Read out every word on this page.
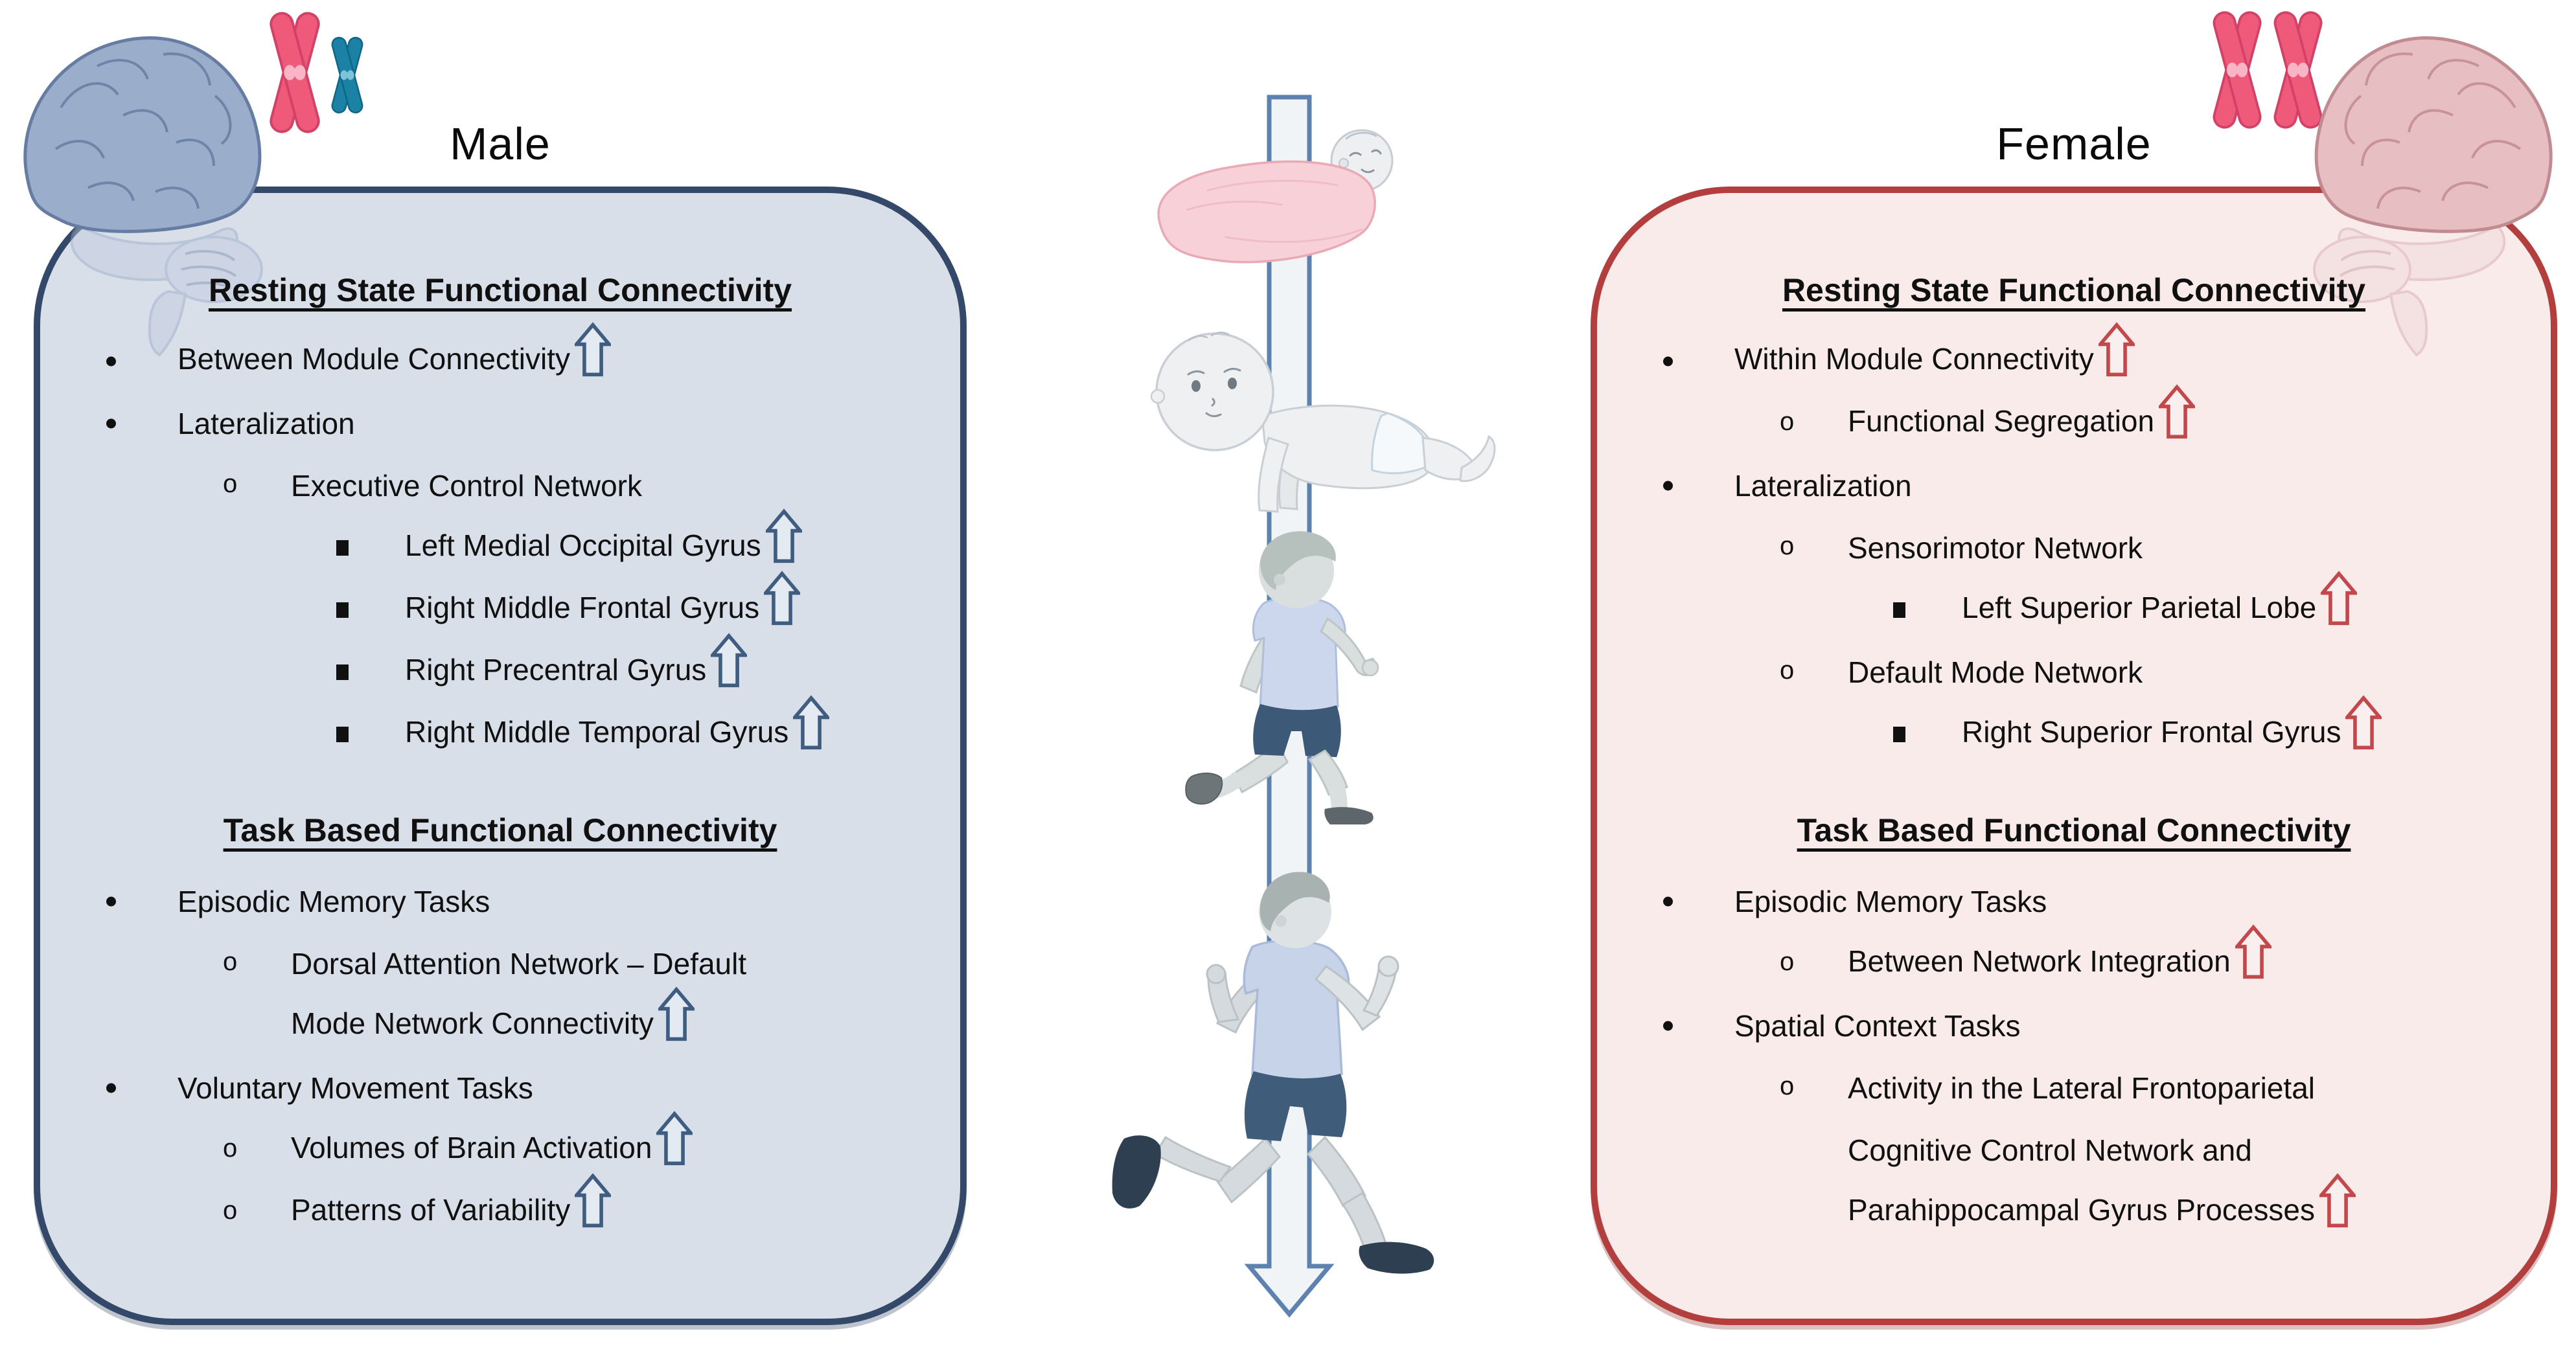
Male	Female
Resting State Functional Connectivity
Between Module Connectivity
Lateralization
o Executive Control Network
Left Medial Occipital Gyrus
Right Middle Frontal Gyrus
Right Precentral Gyrus
Right Middle Temporal Gyrus
Task Based Functional Connectivity
Episodic Memory Tasks
o Dorsal Attention Network – Default
Mode Network Connectivity
Voluntary Movement Tasks
o Volumes of Brain Activation
o Patterns of Variability
Resting State Functional Connectivity
Within Module Connectivity
o Functional Segregation
Lateralization
o Sensorimotor Network
Left Superior Parietal Lobe
o Default Mode Network
Right Superior Frontal Gyrus
Task Based Functional Connectivity
Episodic Memory Tasks
o Between Network Integration
Spatial Context Tasks
o Activity in the Lateral Frontoparietal
Cognitive Control Network and
Parahippocampal Gyrus Processes
